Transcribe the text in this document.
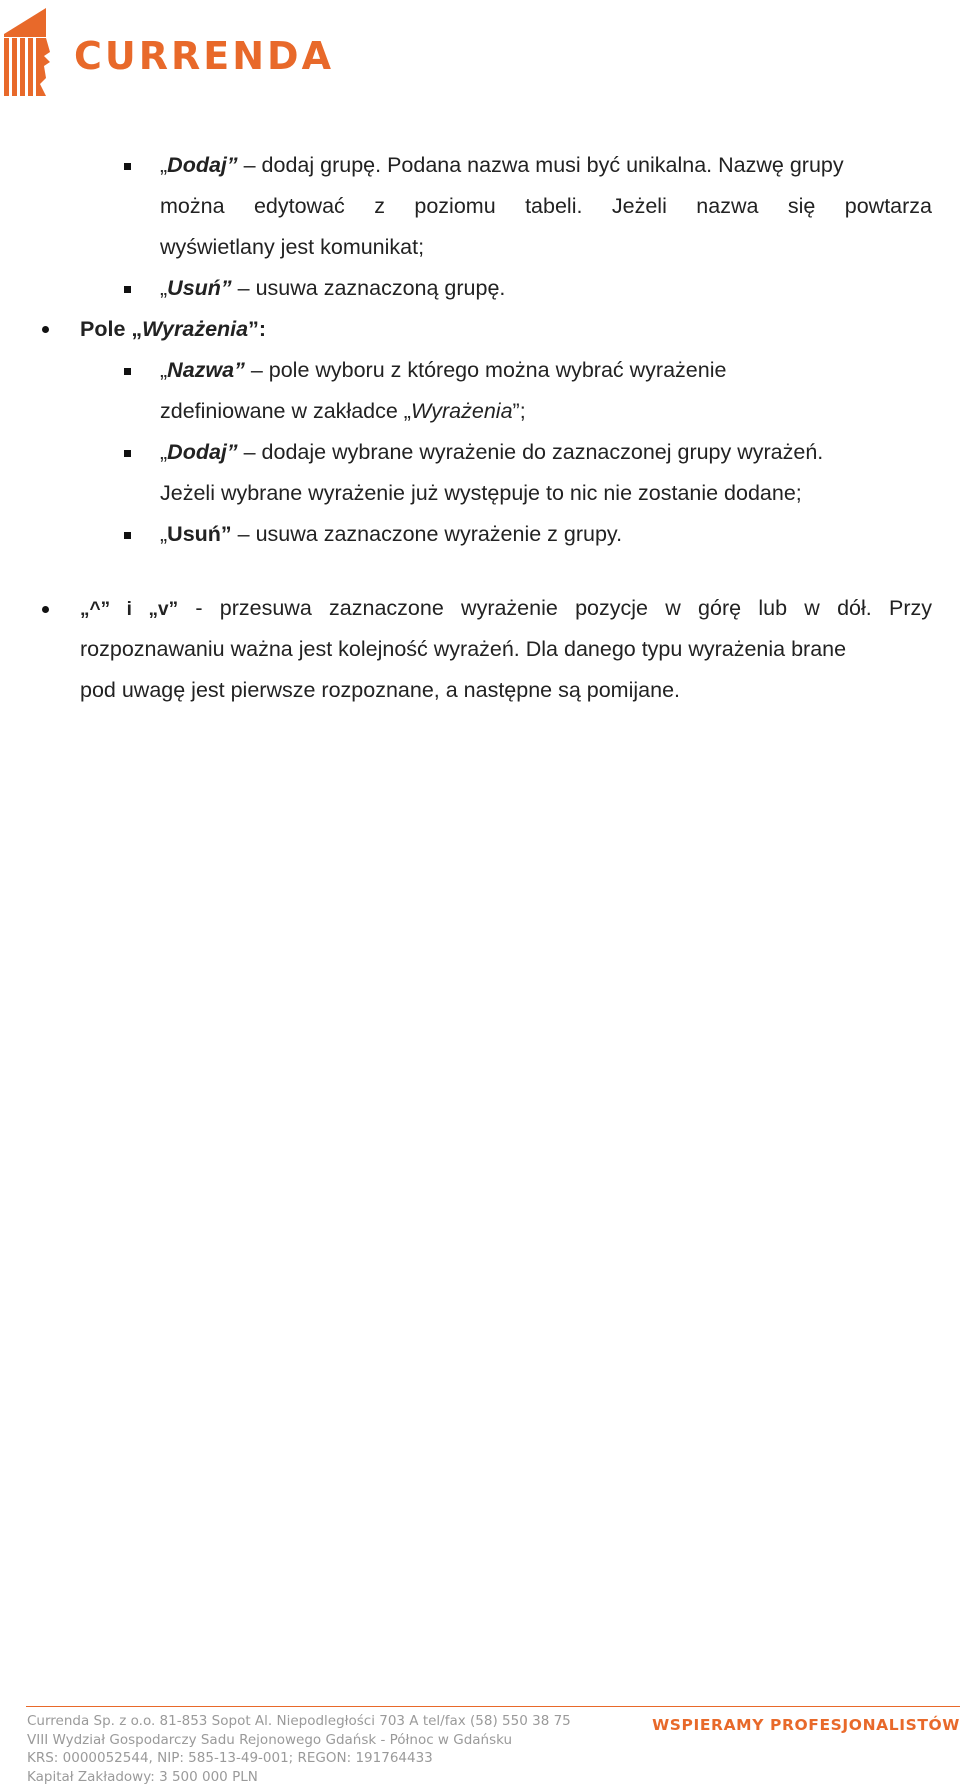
CURRENDA
„Dodaj” – dodaj grupę. Podana nazwa musi być unikalna. Nazwę grupy
można edytować z poziomu tabeli. Jeżeli nazwa się powtarza
wyświetlany jest komunikat;
„Usuń” – usuwa zaznaczoną grupę.
Pole „Wyrażenia”:
„Nazwa” – pole wyboru z którego można wybrać wyrażenie
zdefiniowane w zakładce „Wyrażenia”;
„Dodaj” – dodaje wybrane wyrażenie do zaznaczonej grupy wyrażeń.
Jeżeli wybrane wyrażenie już występuje to nic nie zostanie dodane;
„Usuń” – usuwa zaznaczone wyrażenie z grupy.
„^” i „v” - przesuwa zaznaczone wyrażenie pozycje w górę lub w dół. Przy
rozpoznawaniu ważna jest kolejność wyrażeń. Dla danego typu wyrażenia brane
pod uwagę jest pierwsze rozpoznane, a następne są pomijane.
Currenda Sp. z o.o. 81-853 Sopot Al. Niepodległości 703 A tel/fax (58) 550 38 75
VIII Wydział Gospodarczy Sadu Rejonowego Gdańsk - Północ w Gdańsku
KRS: 0000052544, NIP: 585-13-49-001; REGON: 191764433
Kapitał Zakładowy: 3 500 000 PLN
WSPIERAMY PROFESJONALISTÓW
